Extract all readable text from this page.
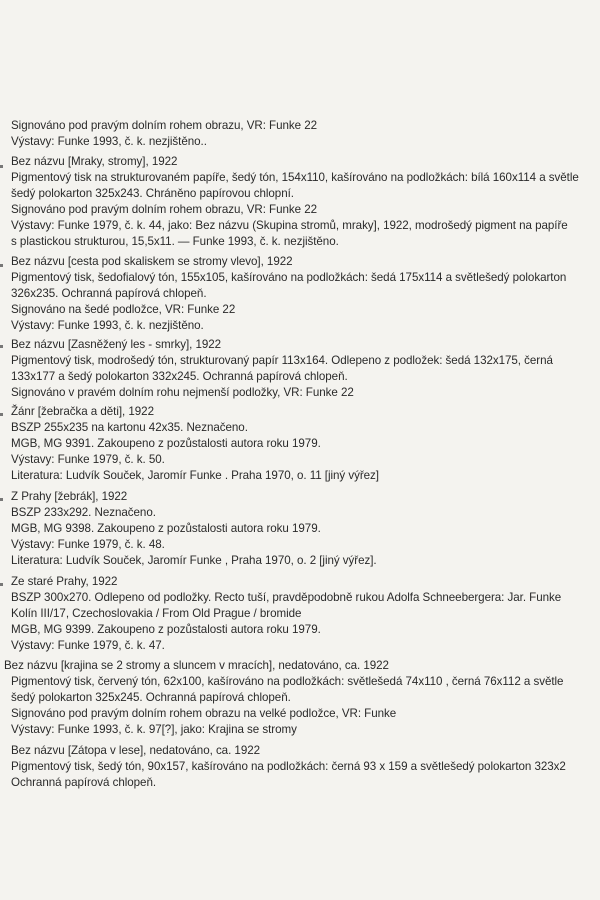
Signováno pod pravým dolním rohem obrazu, VR: Funke 22
Výstavy: Funke 1993, č. k. nezjištěno..
Bez názvu [Mraky, stromy], 1922
Pigmentový tisk na strukturovaném papíře, šedý tón, 154x110, kašírováno na podložkách: bílá 160x114 a světle
šedý polokarton 325x243. Chráněno papírovou chlopní.
Signováno pod pravým dolním rohem obrazu, VR: Funke 22
Výstavy: Funke 1979, č. k. 44, jako: Bez názvu (Skupina stromů, mraky], 1922, modrošedý pigment na papíře
s plastickou strukturou, 15,5x11. — Funke 1993, č. k. nezjištěno.
Bez názvu [cesta pod skaliskem se stromy vlevo], 1922
Pigmentový tisk, šedofialový tón, 155x105, kašírováno na podložkách: šedá 175x114 a světlešedý polokarton
326x235. Ochranná papírová chlopeň.
Signováno na šedé podložce, VR: Funke 22
Výstavy: Funke 1993, č. k. nezjištěno.
Bez názvu [Zasněžený les - smrky], 1922
Pigmentový tisk, modrošedý tón, strukturovaný papír 113x164. Odlepeno z podložek: šedá 132x175, černá
133x177 a šedý polokarton 332x245. Ochranná papírová chlopeň.
Signováno v pravém dolním rohu nejmenší podložky, VR: Funke 22
Žánr [žebračka a děti], 1922
BSZP 255x235 na kartonu 42x35. Neznačeno.
MGB, MG 9391. Zakoupeno z pozůstalosti autora roku 1979.
Výstavy: Funke 1979, č. k. 50.
Literatura: Ludvík Souček, Jaromír Funke . Praha 1970, o. 11 [jiný výřez]
Z Prahy [žebrák], 1922
BSZP 233x292. Neznačeno.
MGB, MG 9398. Zakoupeno z pozůstalosti autora roku 1979.
Výstavy: Funke 1979, č. k. 48.
Literatura: Ludvík Souček, Jaromír Funke , Praha 1970, o. 2 [jiný výřez].
Ze staré Prahy, 1922
BSZP 300x270. Odlepeno od podložky. Recto tuší, pravděpodobně rukou Adolfa Schneebergera: Jar. Funke
Kolín III/17, Czechoslovakia / From Old Prague / bromide
MGB, MG 9399. Zakoupeno z pozůstalosti autora roku 1979.
Výstavy: Funke 1979, č. k. 47.
Bez názvu [krajina se 2 stromy a sluncem v mracích], nedatováno, ca. 1922
Pigmentový tisk, červený tón, 62x100, kašírováno na podložkách: světlešedá 74x110 , černá 76x112 a světle
šedý polokarton 325x245. Ochranná papírová chlopeň.
Signováno pod pravým dolním rohem obrazu na velké podložce, VR: Funke
Výstavy: Funke 1993, č. k. 97[?], jako: Krajina se stromy
Bez názvu [Zátopa v lese], nedatováno, ca. 1922
Pigmentový tisk, šedý tón, 90x157, kašírováno na podložkách: černá 93 x 159 a světlešedý polokarton 323x2
Ochranná papírová chlopeň.
